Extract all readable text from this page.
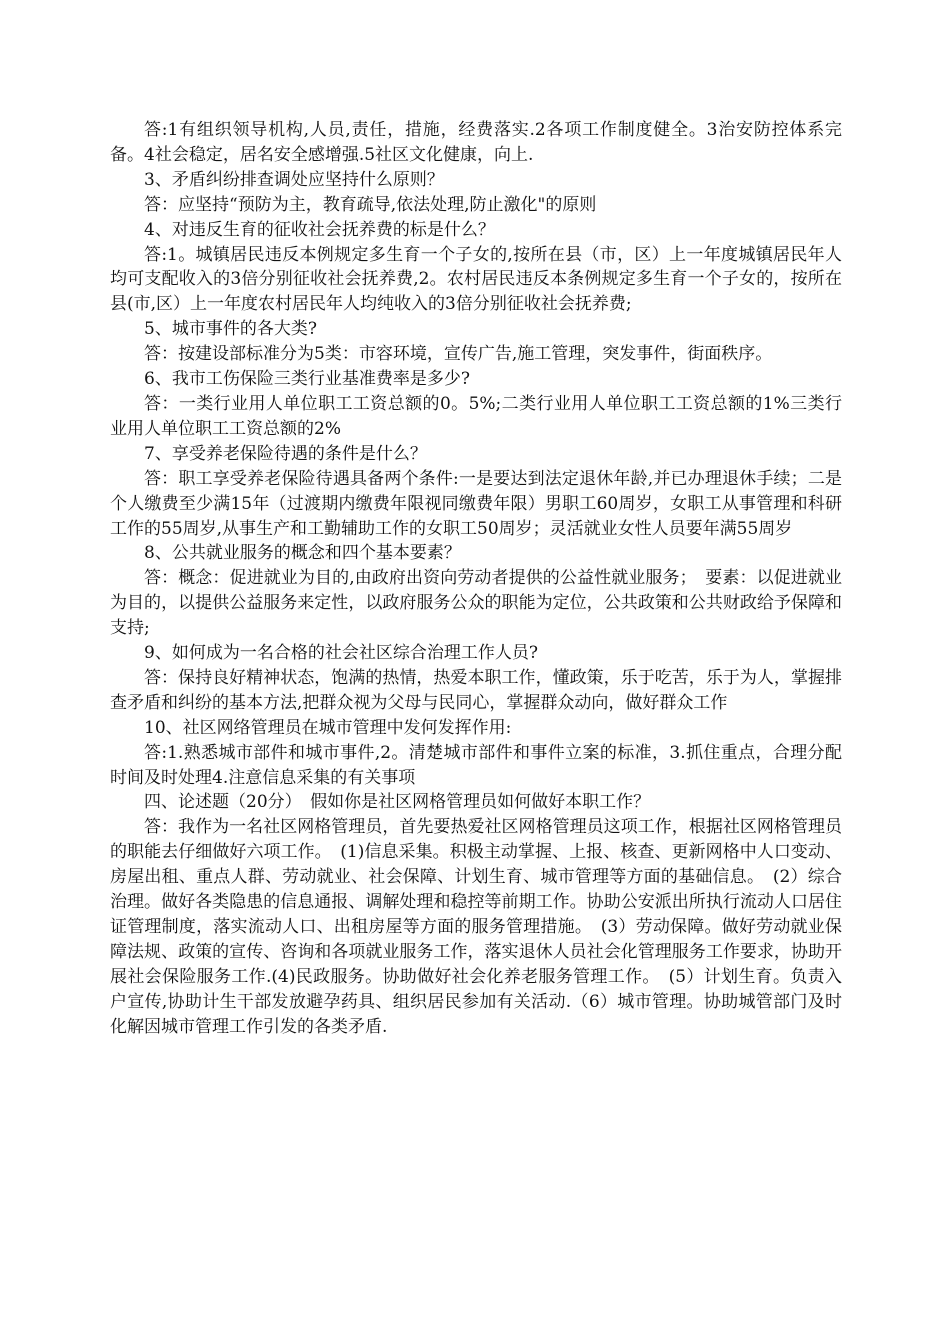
答:1有组织领导机构,人员,责任，措施，经费落实.2各项工作制度健全。3治安防控体系完备。4社会稳定，居名安全感增强.5社区文化健康，向上.

3、矛盾纠纷排查调处应坚持什么原则？

答：应坚持“预防为主，教育疏导,依法处理,防止激化"的原则

4、对违反生育的征收社会抚养费的标是什么？

答:1。城镇居民违反本例规定多生育一个子女的,按所在县（市，区）上一年度城镇居民年人均可支配收入的3倍分别征收社会抚养费,2。农村居民违反本条例规定多生育一个子女的，按所在县(市,区）上一年度农村居民年人均纯收入的3倍分别征收社会抚养费;

5、城市事件的各大类?

答：按建设部标准分为5类：市容环境，宣传广告,施工管理，突发事件，街面秩序。

6、我市工伤保险三类行业基准费率是多少?

答：一类行业用人单位职工工资总额的0。5%;二类行业用人单位职工工资总额的1%三类行业用人单位职工工资总额的2%

7、享受养老保险待遇的条件是什么？

答：职工享受养老保险待遇具备两个条件:一是要达到法定退休年龄,并已办理退休手续；二是个人缴费至少满15年（过渡期内缴费年限视同缴费年限）男职工60周岁，女职工从事管理和科研工作的55周岁,从事生产和工勤辅助工作的女职工50周岁；灵活就业女性人员要年满55周岁

8、公共就业服务的概念和四个基本要素？

答：概念：促进就业为目的,由政府出资向劳动者提供的公益性就业服务；　要素：以促进就业为目的，以提供公益服务来定性，以政府服务公众的职能为定位，公共政策和公共财政给予保障和支持;

9、如何成为一名合格的社会社区综合治理工作人员?

答：保持良好精神状态，饱满的热情，热爱本职工作，懂政策，乐于吃苦，乐于为人，掌握排查矛盾和纠纷的基本方法,把群众视为父母与民同心，掌握群众动向，做好群众工作

10、社区网络管理员在城市管理中发何发挥作用:

答:1.熟悉城市部件和城市事件,2。清楚城市部件和事件立案的标准，3.抓住重点，合理分配时间及时处理4.注意信息采集的有关事项

四、论述题（20分）　假如你是社区网格管理员如何做好本职工作？

答：我作为一名社区网格管理员，首先要热爱社区网格管理员这项工作，根据社区网格管理员的职能去仔细做好六项工作。　(1)信息采集。积极主动掌握、上报、核查、更新网格中人口变动、房屋出租、重点人群、劳动就业、社会保障、计划生育、城市管理等方面的基础信息。　(2）综合治理。做好各类隐患的信息通报、调解处理和稳控等前期工作。协助公安派出所执行流动人口居住证管理制度，落实流动人口、出租房屋等方面的服务管理措施。　(3）劳动保障。做好劳动就业保障法规、政策的宣传、咨询和各项就业服务工作，落实退休人员社会化管理服务工作要求，协助开展社会保险服务工作.(4)民政服务。协助做好社会化养老服务管理工作。　(5）计划生育。负责入户宣传,协助计生干部发放避孕药具、组织居民参加有关活动.（6）城市管理。协助城管部门及时化解因城市管理工作引发的各类矛盾.
